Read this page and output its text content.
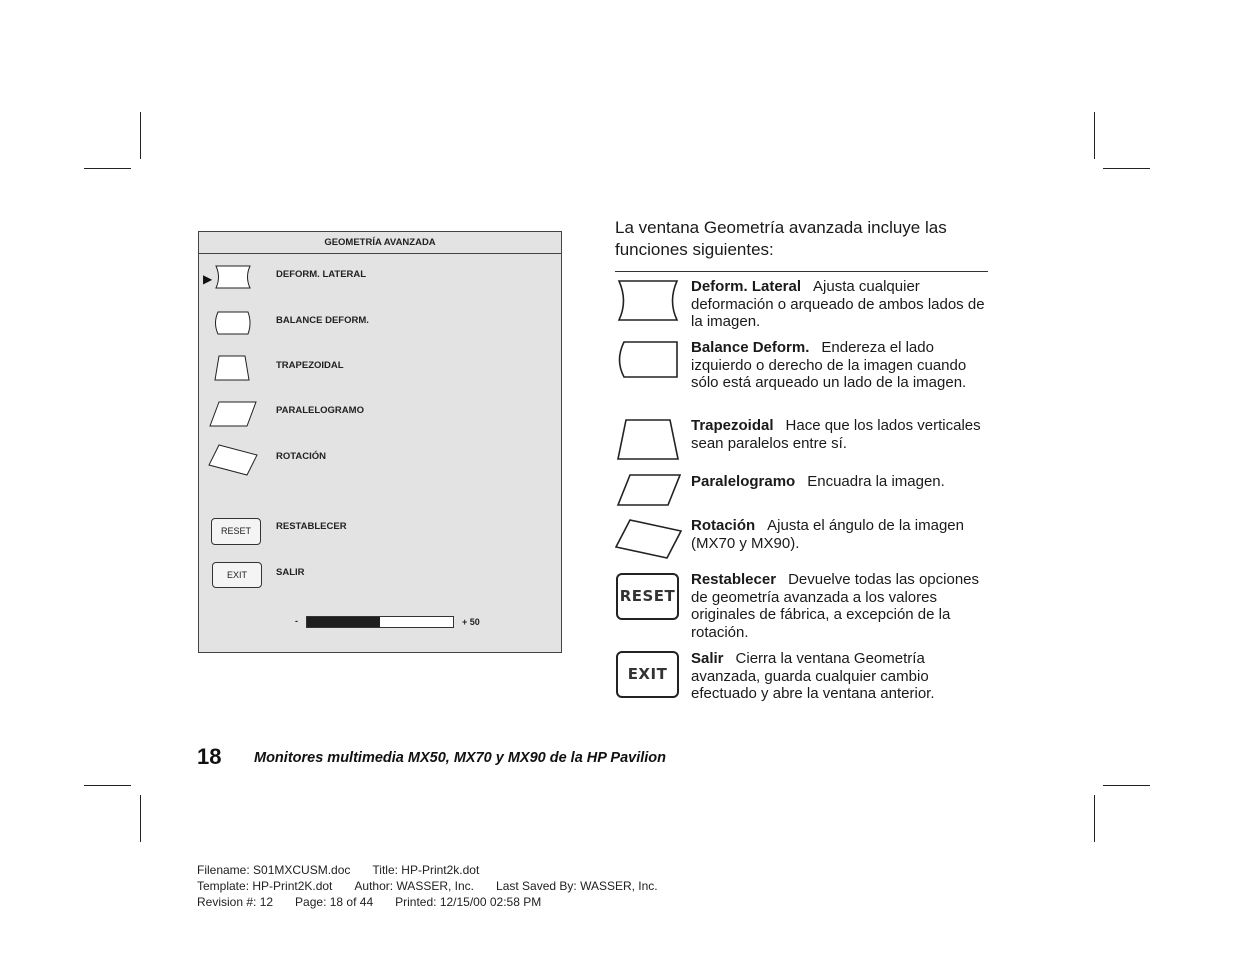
GEOMETRÍA AVANZADA
▶	DEFORM. LATERAL
BALANCE DEFORM.
TRAPEZOIDAL
PARALELOGRAMO
ROTACIÓN
RESET	RESTABLECER
EXIT	SALIR
-	+ 50
La ventana Geometría avanzada incluye las funciones siguientes:
RESET
EXIT
Deform. Lateral Ajusta cualquier deformación o arqueado de ambos lados de la imagen.
Balance Deform. Endereza el lado izquierdo o derecho de la imagen cuando sólo está arqueado un lado de la imagen.
Trapezoidal Hace que los lados verticales sean paralelos entre sí.
Paralelogramo Encuadra la imagen.
Rotación Ajusta el ángulo de la imagen (MX70 y MX90).
Restablecer Devuelve todas las opciones de geometría avanzada a los valores originales de fábrica, a excepción de la rotación.
Salir Cierra la ventana Geometría avanzada, guarda cualquier cambio efectuado y abre la ventana anterior.
18 Monitores multimedia MX50, MX70 y MX90 de la HP Pavilion
Filename: S01MXCUSM.doc Title: HP-Print2k.dot
Template: HP-Print2K.dot Author: WASSER, Inc. Last Saved By: WASSER, Inc.
Revision #: 12 Page: 18 of 44 Printed: 12/15/00 02:58 PM
